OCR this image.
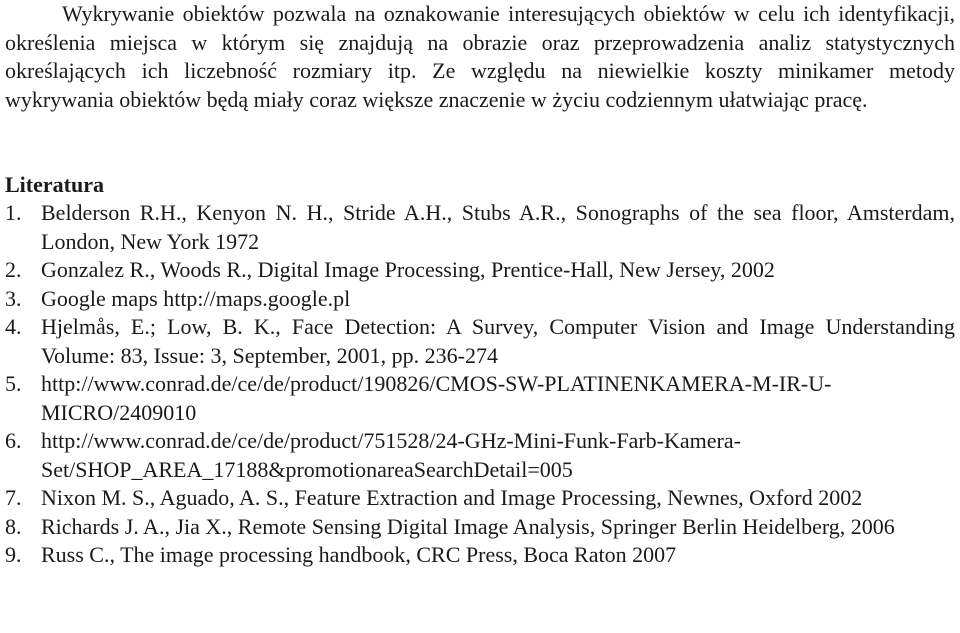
Wykrywanie obiektów pozwala na oznakowanie interesujących obiektów w celu ich identyfikacji, określenia miejsca w którym się znajdują na obrazie oraz przeprowadzenia analiz statystycznych określających ich liczebność rozmiary itp. Ze względu na niewielkie koszty minikamer metody wykrywania obiektów będą miały coraz większe znaczenie w życiu codziennym ułatwiając pracę.

Literatura
1. Belderson R.H., Kenyon N. H., Stride A.H., Stubs A.R., Sonographs of the sea floor, Amsterdam, London, New York 1972
2. Gonzalez R., Woods R., Digital Image Processing, Prentice-Hall, New Jersey, 2002
3. Google maps http://maps.google.pl
4. Hjelmås, E.; Low, B. K., Face Detection: A Survey, Computer Vision and Image Understanding Volume: 83, Issue: 3, September, 2001, pp. 236-274
5. http://www.conrad.de/ce/de/product/190826/CMOS-SW-PLATINENKAMERA-M-IR-U-MICRO/2409010
6. http://www.conrad.de/ce/de/product/751528/24-GHz-Mini-Funk-Farb-Kamera-Set/SHOP_AREA_17188&promotionareaSearchDetail=005
7. Nixon M. S., Aguado, A. S., Feature Extraction and Image Processing, Newnes, Oxford 2002
8. Richards J. A., Jia X., Remote Sensing Digital Image Analysis, Springer Berlin Heidelberg, 2006
9. Russ C., The image processing handbook, CRC Press, Boca Raton 2007
